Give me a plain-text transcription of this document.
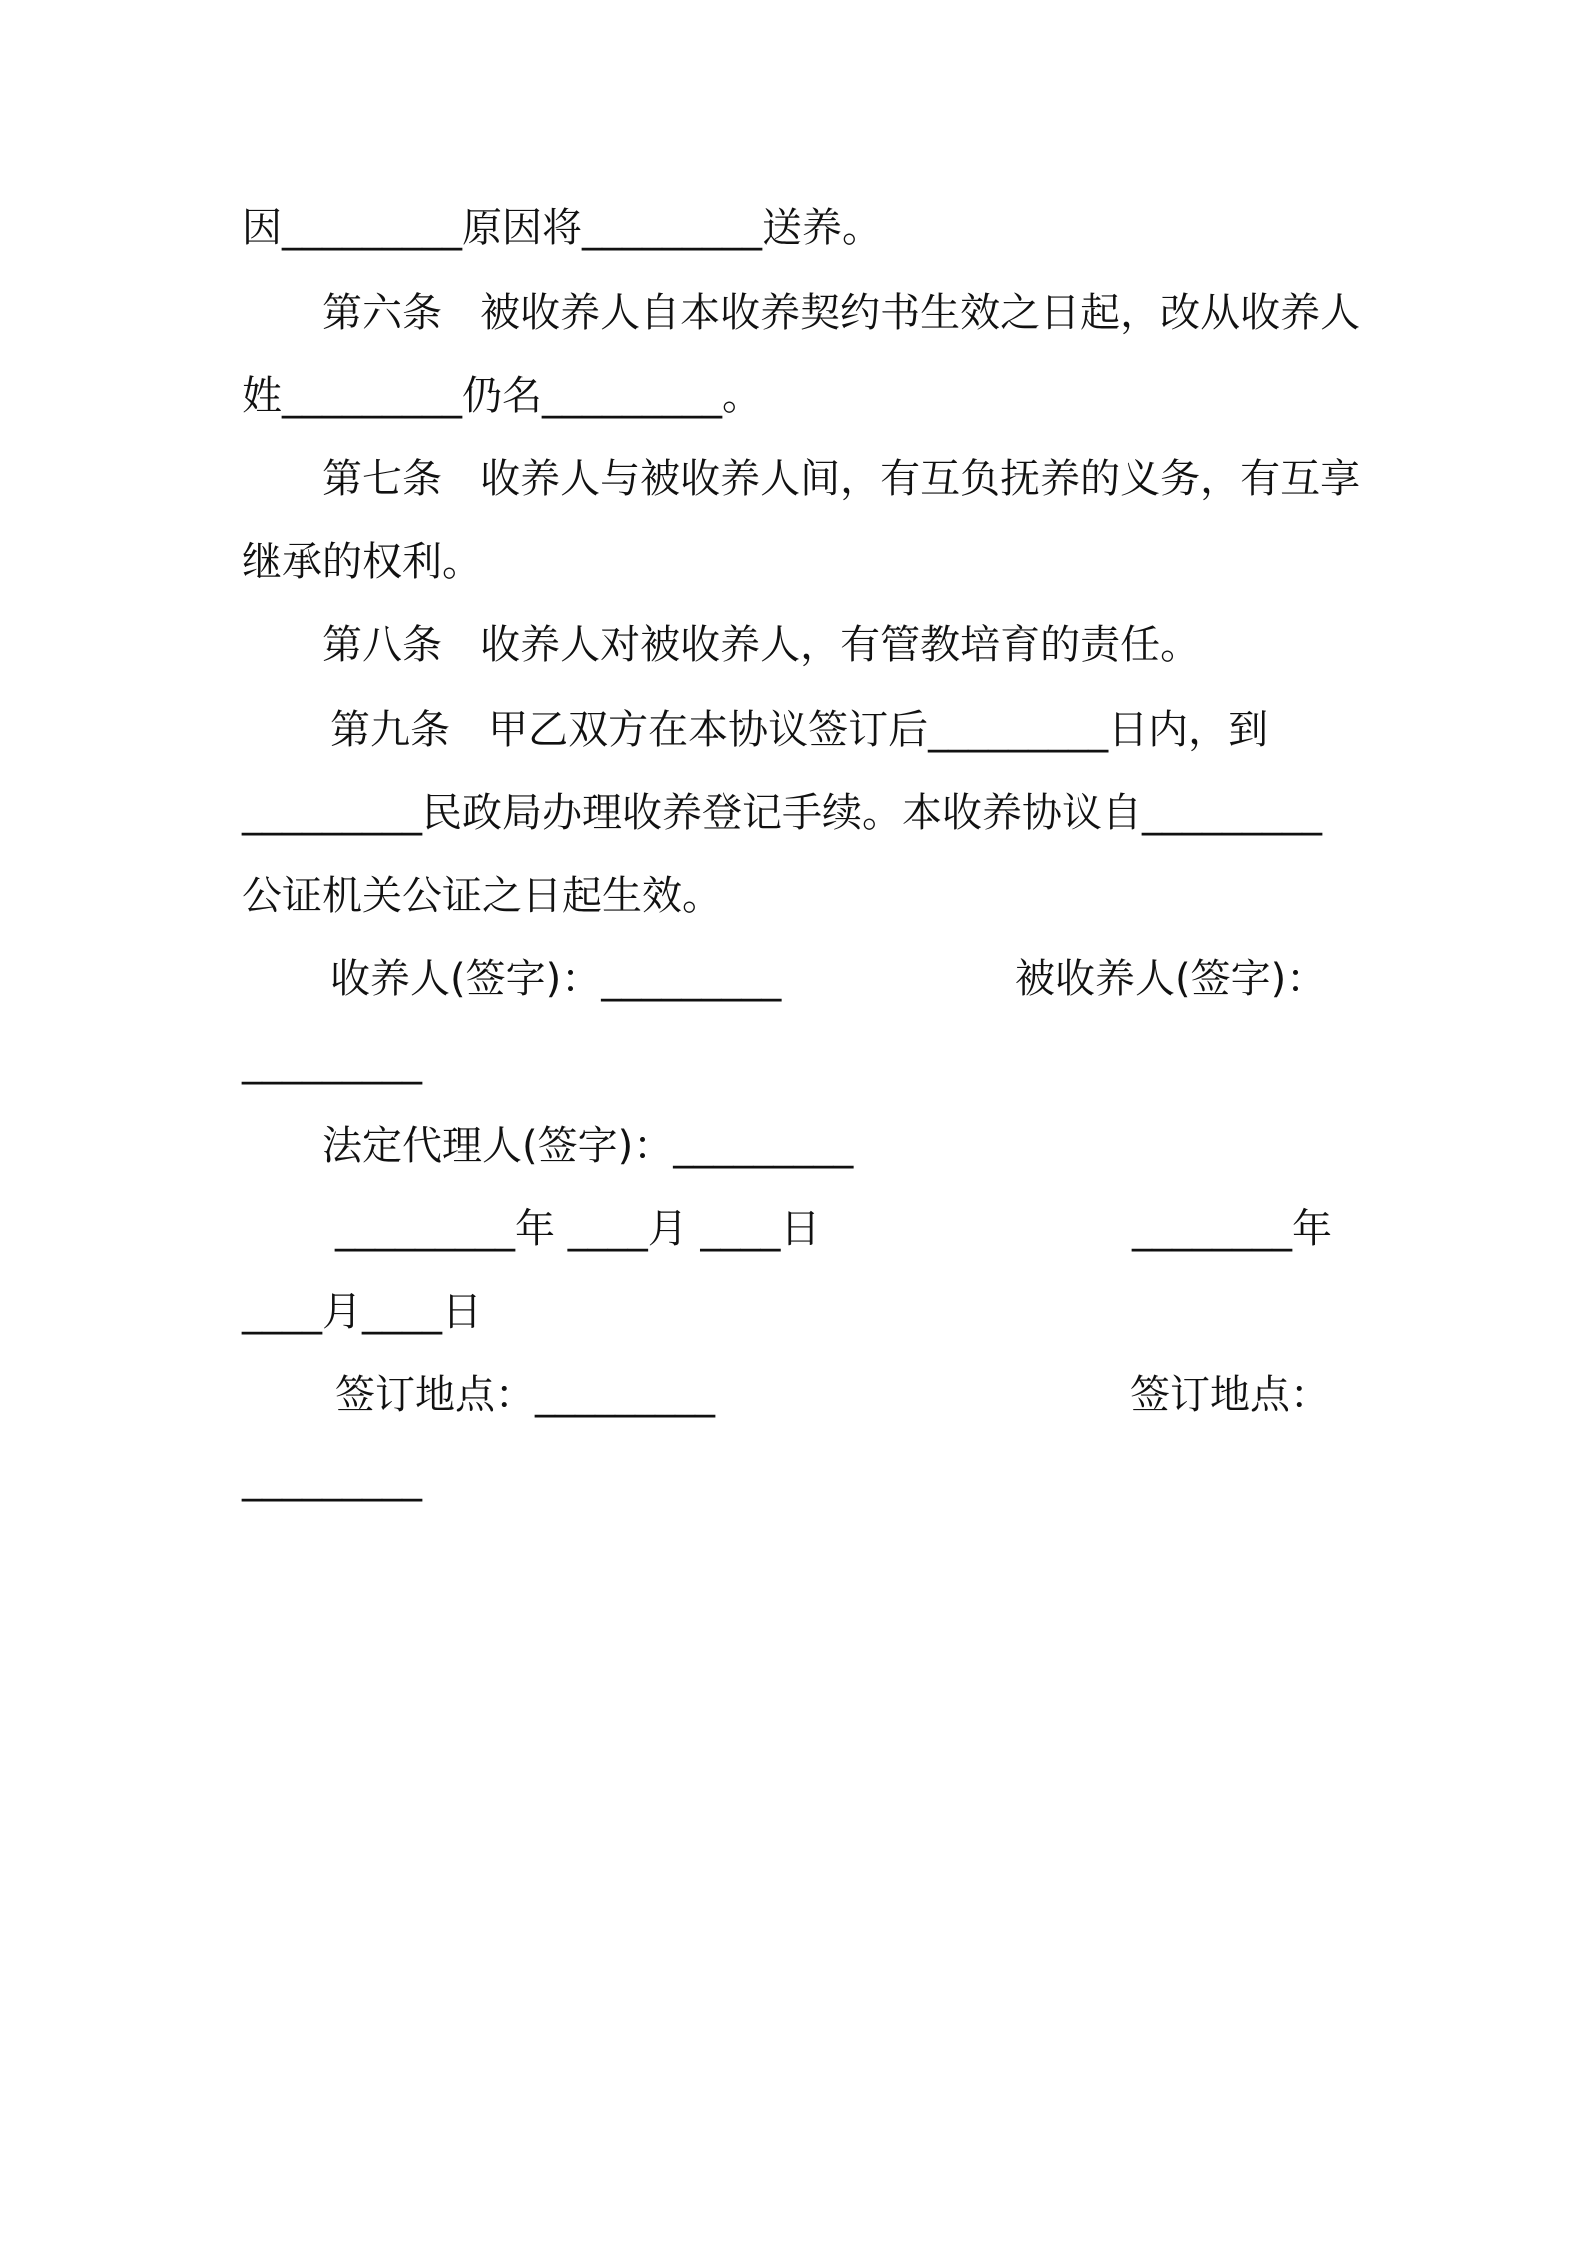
因_________原因将_________送养。

第六条   被收养人自本收养契约书生效之日起，改从收养人

姓_________仍名_________。

第七条   收养人与被收养人间，有互负抚养的义务，有互享

继承的权利。

第八条   收养人对被收养人，有管教培育的责任。

第九条   甲乙双方在本协议签订后_________日内，到

_________民政局办理收养登记手续。本收养协议自_________

公证机关公证之日起生效。

收养人(签字)：_________	被收养人(签字)：

_________

法定代理人(签字)：_________

_________年 ____月 ____日	________年

____月____日

签订地点：_________	签订地点：

_________
